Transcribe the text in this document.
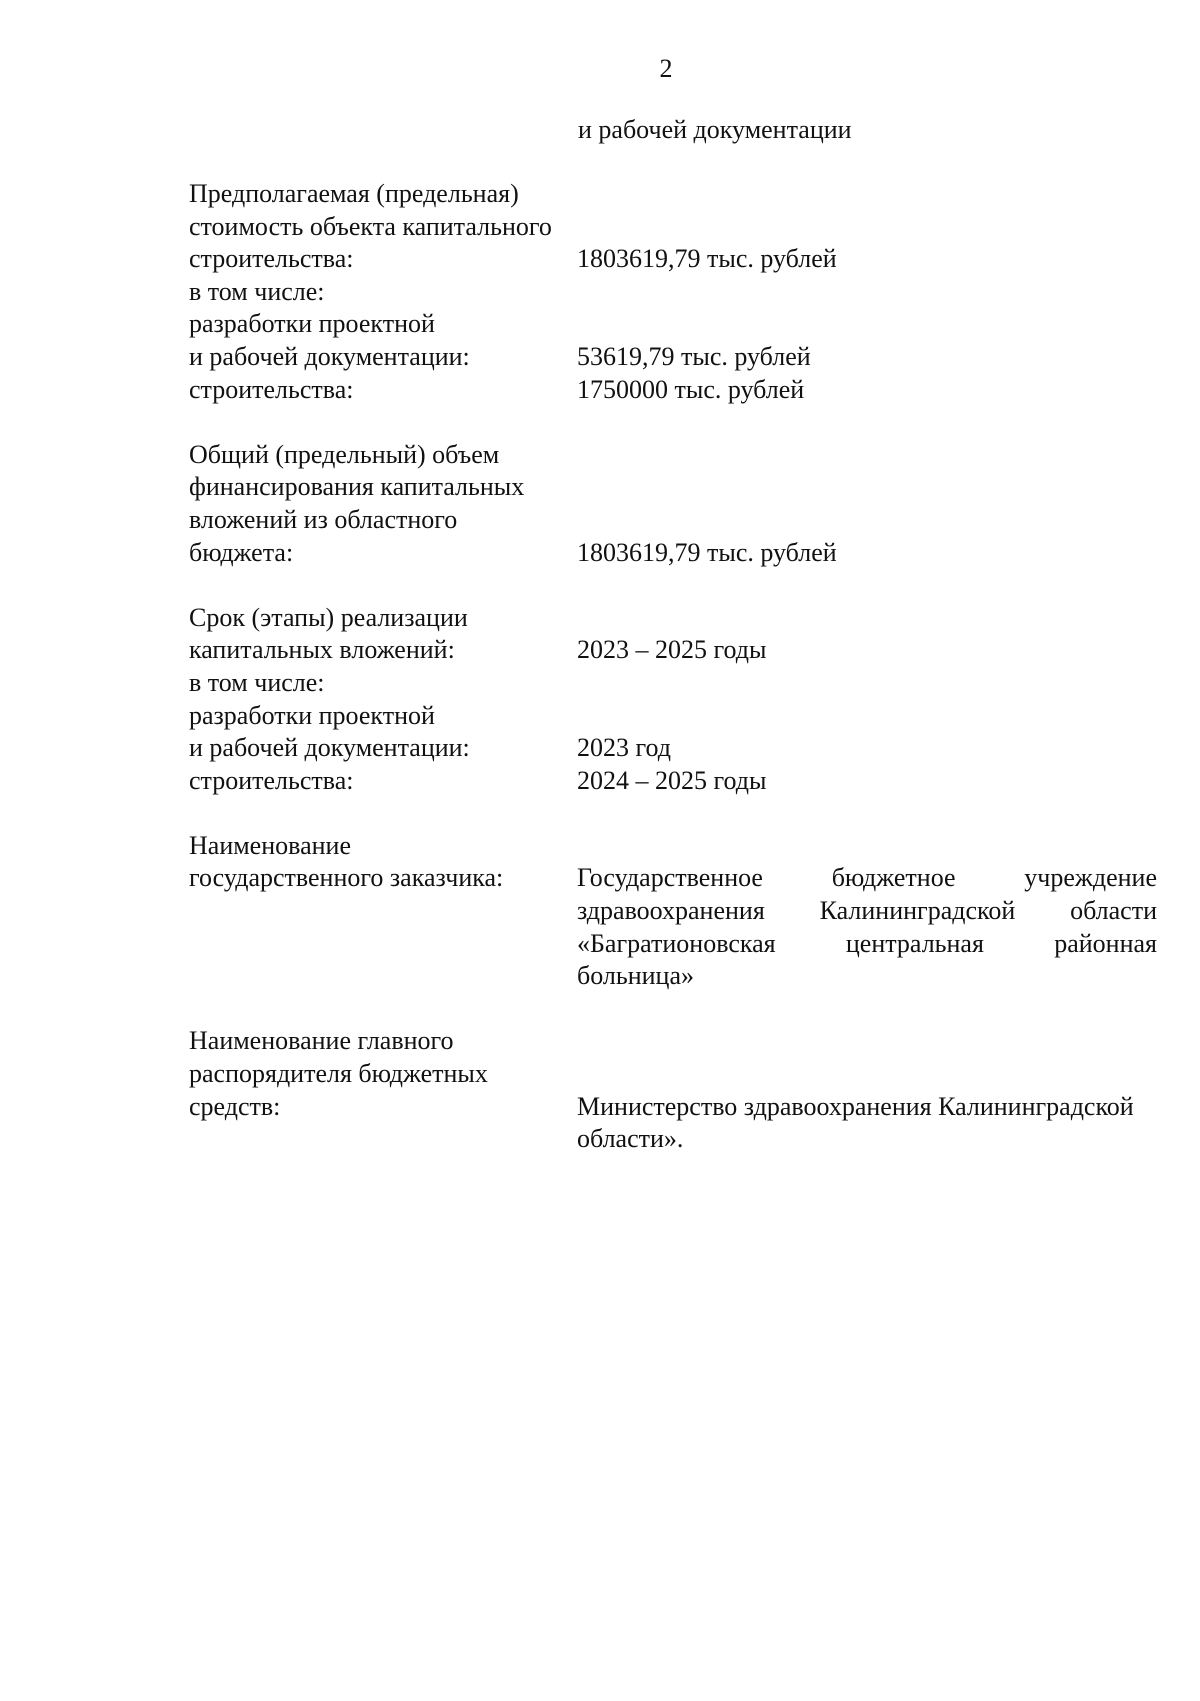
2
и рабочей документации
Предполагаемая (предельная)
стоимость объекта капитального
строительства:	1803619,79 тыс. рублей
в том числе:
разработки проектной
и рабочей документации:	53619,79 тыс. рублей
строительства:	1750000 тыс. рублей
Общий (предельный) объем
финансирования капитальных
вложений из областного
бюджета:	1803619,79 тыс. рублей
Срок (этапы) реализации
капитальных вложений:	2023 – 2025 годы
в том числе:
разработки проектной
и рабочей документации:	2023 год
строительства:	2024 – 2025 годы
Наименование
государственного заказчика:	Государственное бюджетное учреждение
здравоохранения Калининградской области
«Багратионовская центральная районная
больница»
Наименование главного
распорядителя бюджетных
средств:	Министерство здравоохранения Калининградской
области».
